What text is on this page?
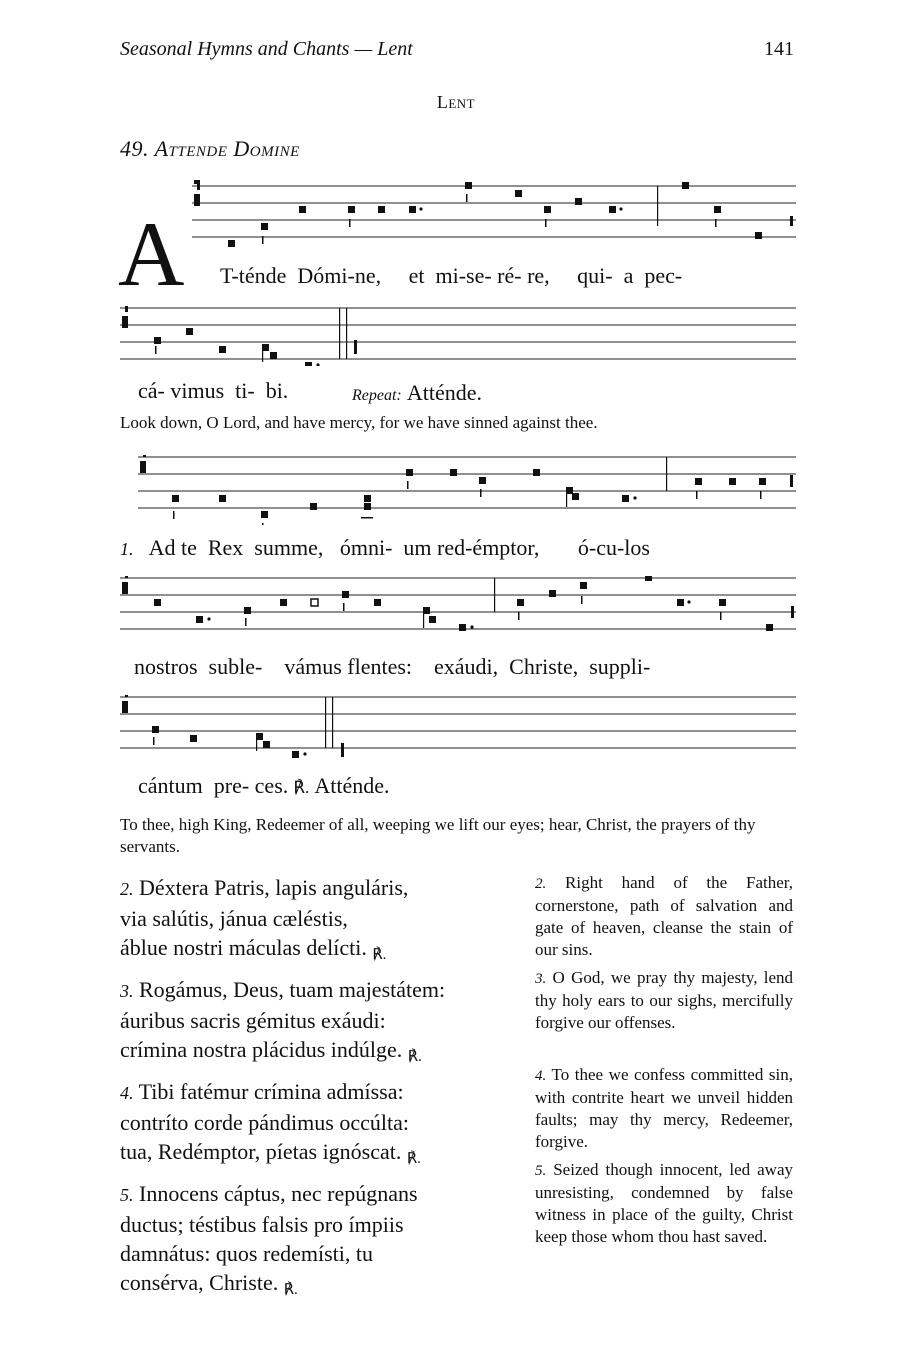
Seasonal Hymns and Chants — Lent	141
Lent
49. Attende Domine
A T-ténde  Dómi-ne,     et  mi-se- ré- re,     qui-  a  pec-
cá- vimus  ti-  bi.	Repeat: Atténde.
Look down, O Lord, and have mercy, for we have sinned against thee.
1. Ad te  Rex  summe,   ómni-  um red-émptor,       ó-cu-los
nostros  suble-    vámus flentes:    exáudi,  Christe,  suppli-
cántum  pre- ces. ℟. Atténde.
To thee, high King, Redeemer of all, weeping we lift our eyes; hear, Christ, the prayers of thy servants.
2. Déxtera Patris, lapis anguláris,
via salútis, jánua cæléstis,
áblue nostri máculas delícti. ℟.
3. Rogámus, Deus, tuam majestátem:
áuribus sacris gémitus exáudi:
crímina nostra plácidus indúlge. ℟.
4. Tibi fatémur crímina admíssa:
contríto corde pándimus occúlta:
tua, Redémptor, píetas ignóscat. ℟.
5. Innocens cáptus, nec repúgnans
ductus; téstibus falsis pro ímpiis
damnátus: quos redemísti, tu
consérva, Christe. ℟.
2. Right hand of the Father, cornerstone, path of salvation and gate of heaven, cleanse the stain of our sins.
3. O God, we pray thy majesty, lend thy holy ears to our sighs, mercifully forgive our offenses.
4. To thee we confess committed sin, with contrite heart we unveil hidden faults; may thy mercy, Redeemer, forgive.
5. Seized though innocent, led away unresisting, condemned by false witness in place of the guilty, Christ keep those whom thou hast saved.
